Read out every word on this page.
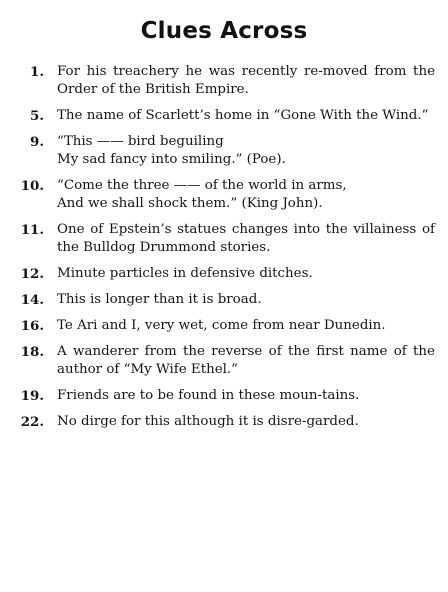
Clues Across
1. For his treachery he was recently re-moved from the Order of the British Empire.
5. The name of Scarlett’s home in “Gone With the Wind.”
9. “This —— bird beguiling
My sad fancy into smiling.” (Poe).
10. “Come the three —— of the world in arms,
And we shall shock them.” (King John).
11. One of Epstein’s statues changes into the villainess of the Bulldog Drummond stories.
12. Minute particles in defensive ditches.
14. This is longer than it is broad.
16. Te Ari and I, very wet, come from near Dunedin.
18. A wanderer from the reverse of the first name of the author of “My Wife Ethel.”
19. Friends are to be found in these moun-tains.
22. No dirge for this although it is disre-garded.
